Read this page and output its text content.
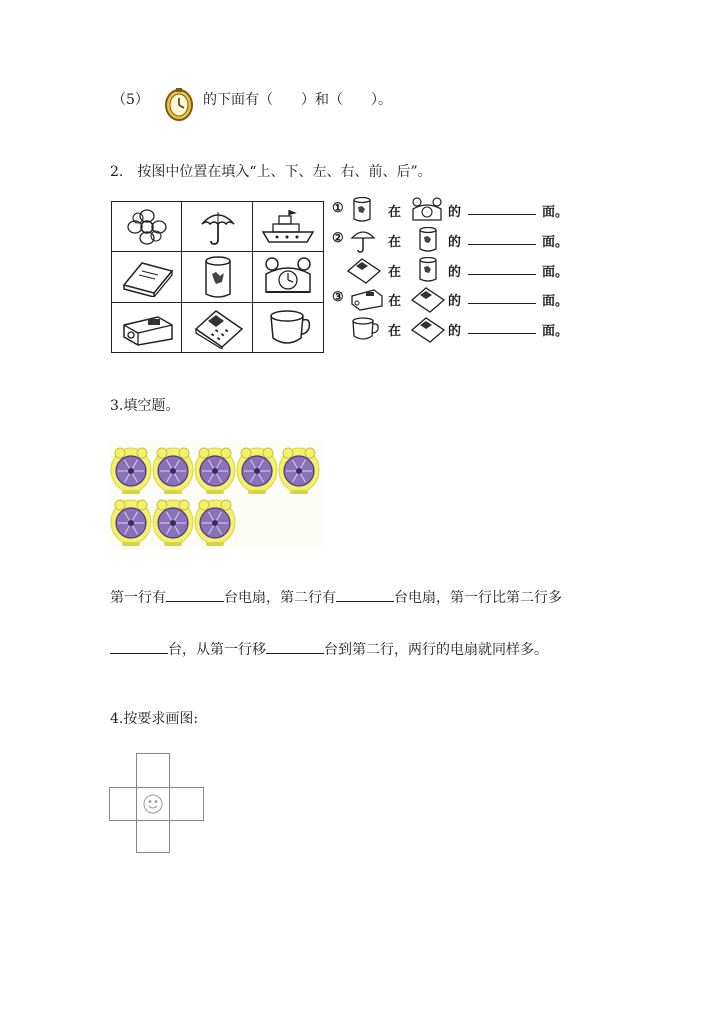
（5）	的下面有（　　）和（　　）。
2.　按图中位置在填入“上、下、左、右、前、后”。
①	在	的	面。
②	在	的	面。
在	的	面。
③	在	的	面。
在	的	面。
3.填空题。
第一行有	台电扇，第二行有	台电扇，第一行比第二行多
台，从第一行移	台到第二行，两行的电扇就同样多。
4.按要求画图:
